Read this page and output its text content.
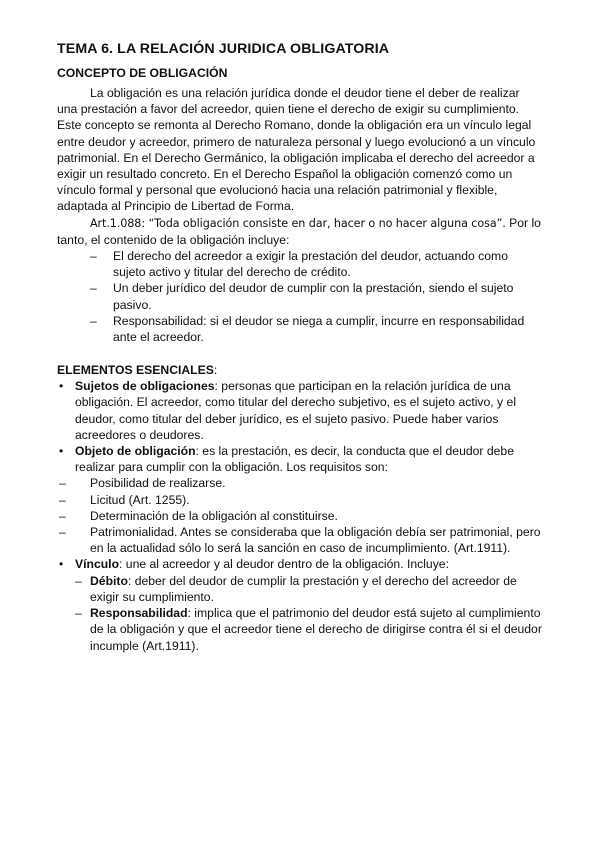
TEMA 6. LA RELACIÓN JURIDICA OBLIGATORIA
CONCEPTO DE OBLIGACIÓN

La obligación es una relación jurídica donde el deudor tiene el deber de realizar una prestación a favor del acreedor, quien tiene el derecho de exigir su cumplimiento. Este concepto se remonta al Derecho Romano, donde la obligación era un vínculo legal entre deudor y acreedor, primero de naturaleza personal y luego evolucionó a un vínculo patrimonial. En el Derecho Germánico, la obligación implicaba el derecho del acreedor a exigir un resultado concreto. En el Derecho Español la obligación comenzó como un vínculo formal y personal que evolucionó hacia una relación patrimonial y flexible, adaptada al Principio de Libertad de Forma.

Art.1.088: “Toda obligación consiste en dar, hacer o no hacer alguna cosa”. Por lo tanto, el contenido de la obligación incluye:

– El derecho del acreedor a exigir la prestación del deudor, actuando como sujeto activo y titular del derecho de crédito.
– Un deber jurídico del deudor de cumplir con la prestación, siendo el sujeto pasivo.
– Responsabilidad: si el deudor se niega a cumplir, incurre en responsabilidad ante el acreedor.
ELEMENTOS ESENCIALES:
• Sujetos de obligaciones: personas que participan en la relación jurídica de una obligación. El acreedor, como titular del derecho subjetivo, es el sujeto activo, y el deudor, como titular del deber jurídico, es el sujeto pasivo. Puede haber varios acreedores o deudores.
• Objeto de obligación: es la prestación, es decir, la conducta que el deudor debe realizar para cumplir con la obligación. Los requisitos son:
– Posibilidad de realizarse.
– Licitud (Art. 1255).
– Determinación de la obligación al constituirse.
– Patrimonialidad. Antes se consideraba que la obligación debía ser patrimonial, pero en la actualidad sólo lo será la sanción en caso de incumplimiento. (Art.1911).
• Vínculo: une al acreedor y al deudor dentro de la obligación. Incluye:
– Débito: deber del deudor de cumplir la prestación y el derecho del acreedor de exigir su cumplimiento.
– Responsabilidad: implica que el patrimonio del deudor está sujeto al cumplimiento de la obligación y que el acreedor tiene el derecho de dirigirse contra él si el deudor incumple (Art.1911).
